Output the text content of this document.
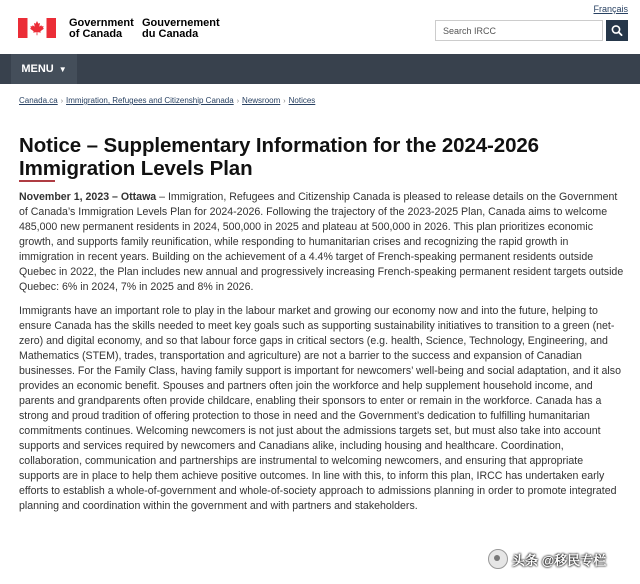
Français
Government
of Canada
Gouvernement
du Canada
Search IRCC
MENU ▼
Canada.ca › Immigration, Refugees and Citizenship Canada › Newsroom › Notices
Notice – Supplementary Information for the 2024-2026 Immigration Levels Plan

November 1, 2023 – Ottawa – Immigration, Refugees and Citizenship Canada is pleased to release details on the Government of Canada’s Immigration Levels Plan for 2024-2026. Following the trajectory of the 2023-2025 Plan, Canada aims to welcome 485,000 new permanent residents in 2024, 500,000 in 2025 and plateau at 500,000 in 2026. This plan prioritizes economic growth, and supports family reunification, while responding to humanitarian crises and recognizing the rapid growth in immigration in recent years. Building on the achievement of a 4.4% target of French-speaking permanent residents outside Quebec in 2022, the Plan includes new annual and progressively increasing French-speaking permanent resident targets outside Quebec: 6% in 2024, 7% in 2025 and 8% in 2026.

Immigrants have an important role to play in the labour market and growing our economy now and into the future, helping to ensure Canada has the skills needed to meet key goals such as supporting sustainability initiatives to transition to a green (net-zero) and digital economy, and so that labour force gaps in critical sectors (e.g. health, Science, Technology, Engineering, and Mathematics (STEM), trades, transportation and agriculture) are not a barrier to the success and expansion of Canadian businesses. For the Family Class, having family support is important for newcomers’ well-being and social adaptation, and it also provides an economic benefit. Spouses and partners often join the workforce and help supplement household income, and parents and grandparents often provide childcare, enabling their sponsors to enter or remain in the workforce. Canada has a strong and proud tradition of offering protection to those in need and the Government’s dedication to fulfilling humanitarian commitments continues. Welcoming newcomers is not just about the admissions targets set, but must also take into account supports and services required by newcomers and Canadians alike, including housing and healthcare. Coordination, collaboration, communication and partnerships are instrumental to welcoming newcomers, and ensuring that appropriate supports are in place to help them achieve positive outcomes. In line with this, to inform this plan, IRCC has undertaken early efforts to establish a whole-of-government and whole-of-society approach to admissions planning in order to promote integrated planning and coordination within the government and with partners and stakeholders.

头条 @移民专栏
